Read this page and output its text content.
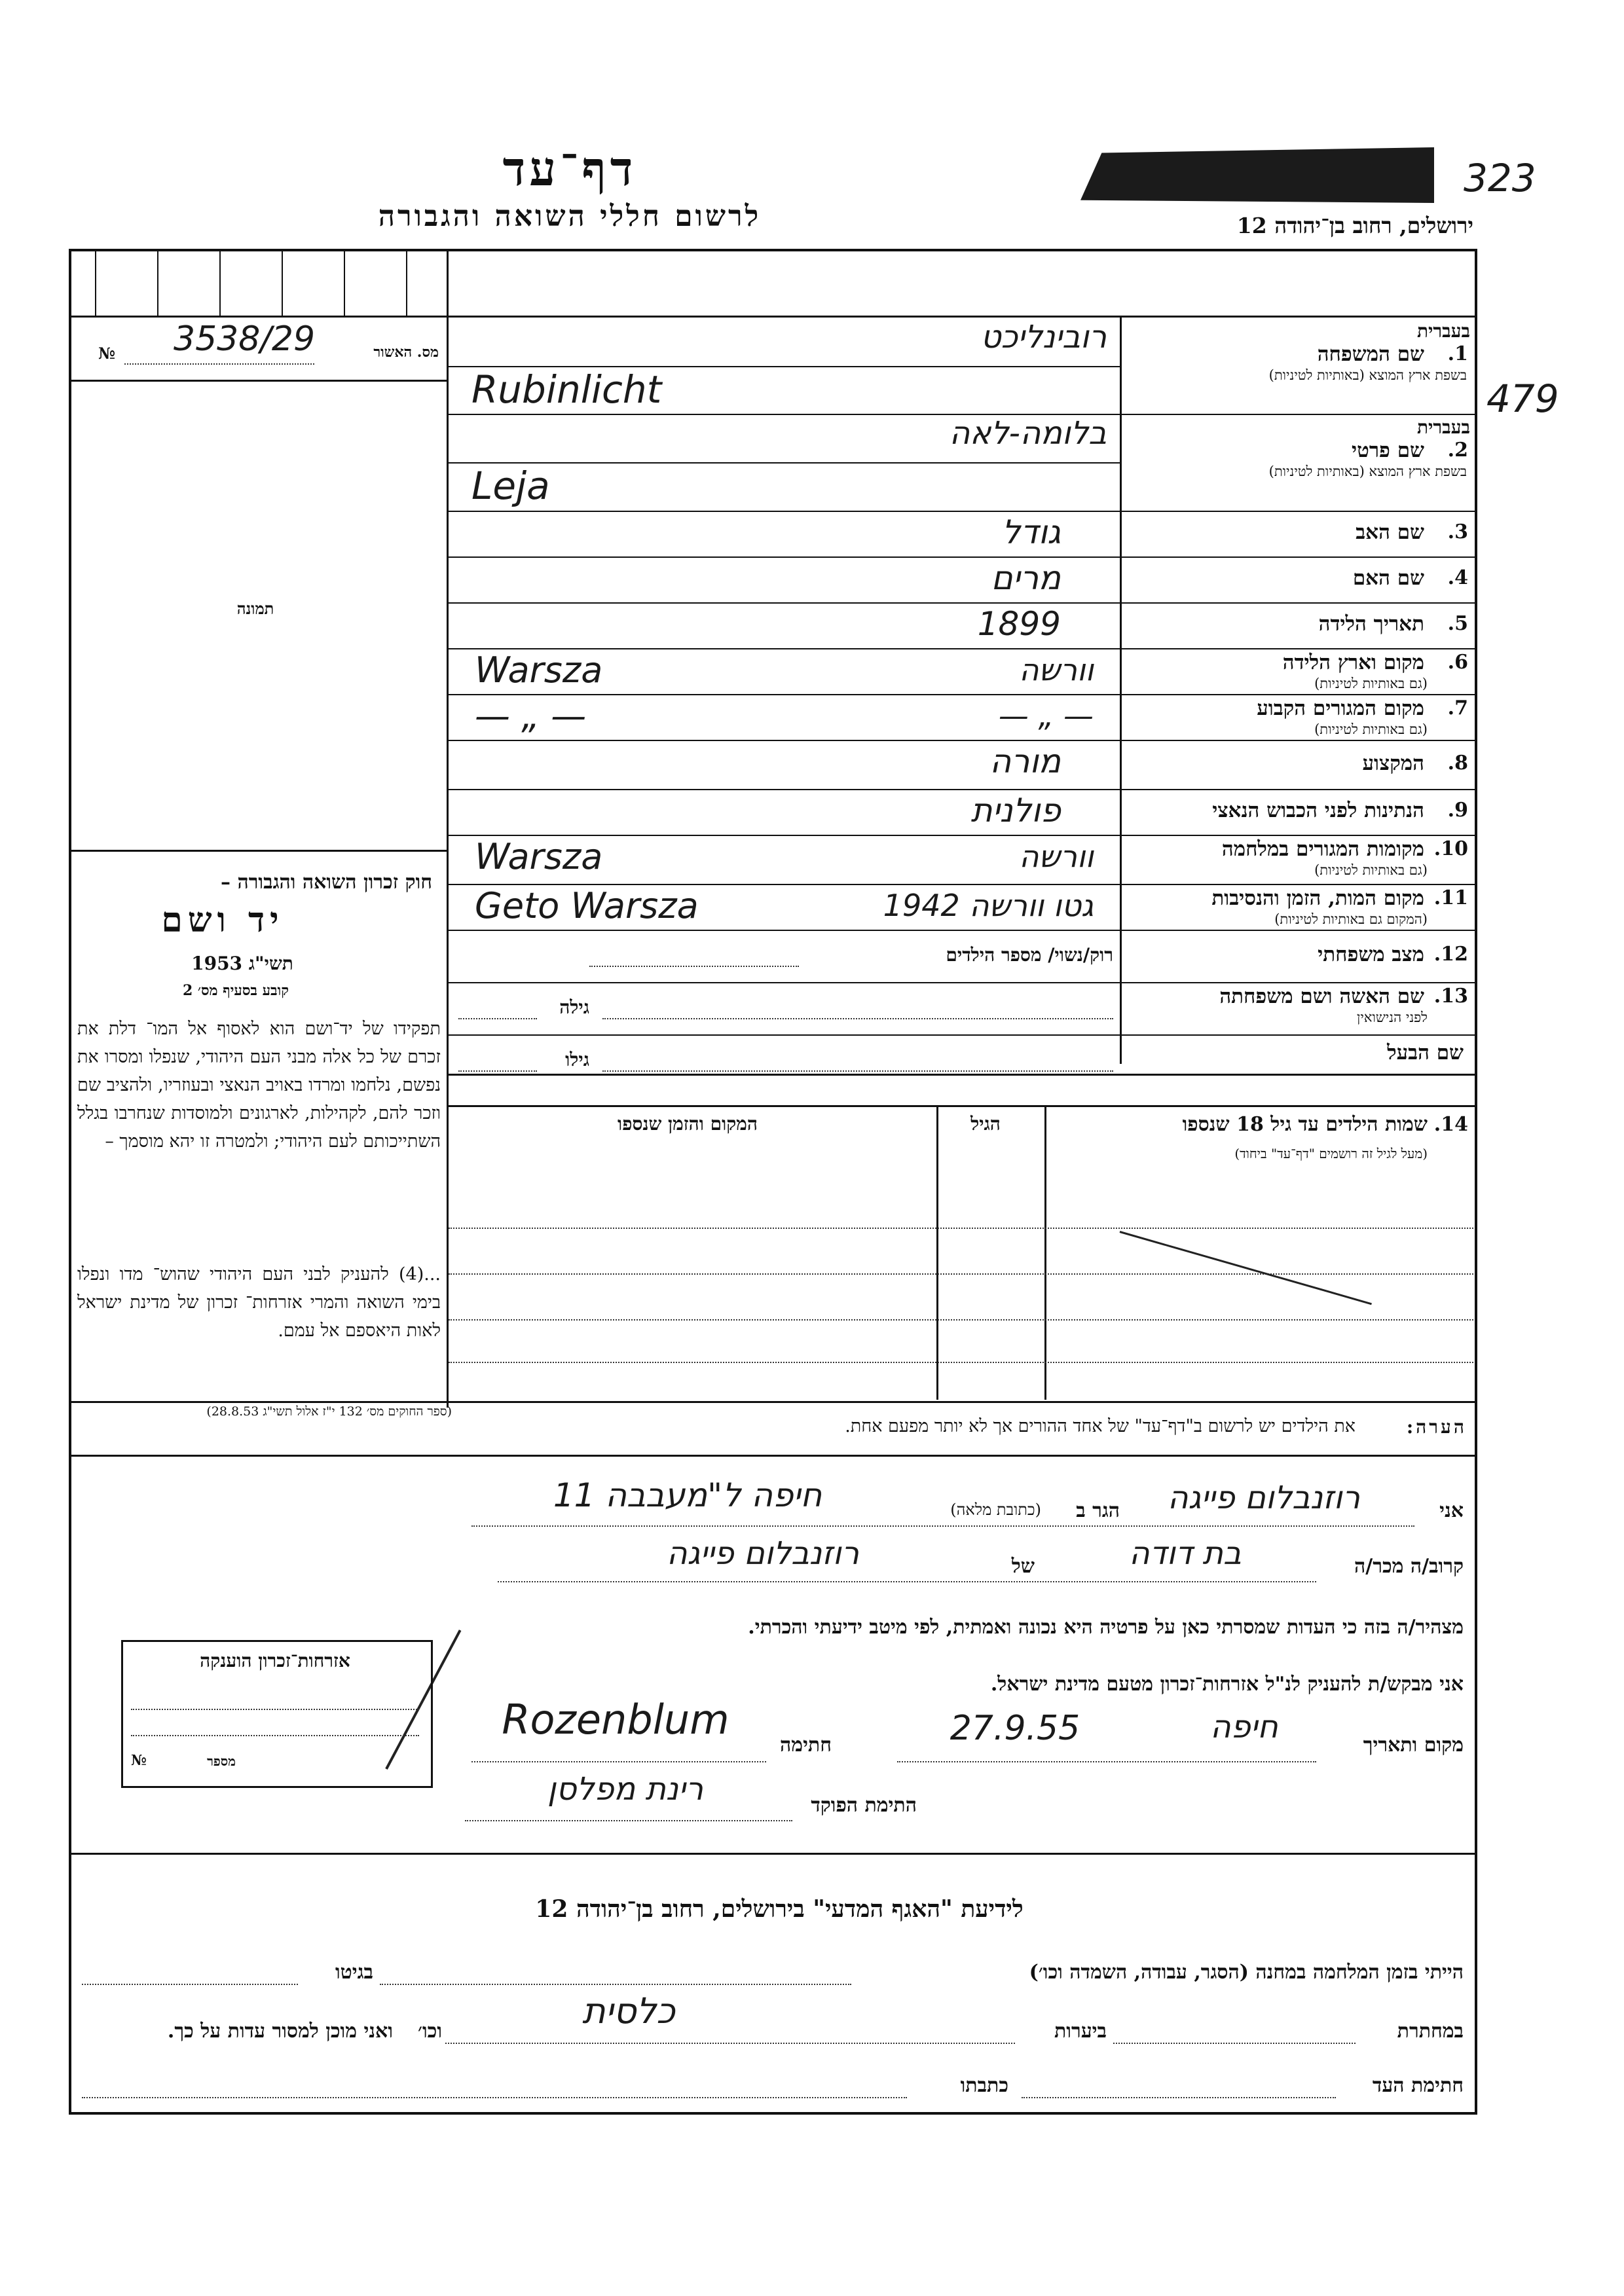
דף־עד
לרשום חללי השואה והגבורה	ירושלים, רחוב בן־יהודה 12
323
479
מס. האשור
3538/29
№
תמונה
חוק זכרון השואה והגבורה –
יד ושם
תשי"ג 1953
קובע בסעיף מס׳ 2
תפקידו של יד־ושם הוא לאסוף אל המו־ דלת את זכרם של כל אלה מבני העם היהודי, שנפלו ומסרו את נפשם, נלחמו ומרדו באויב הנאצי ובעוזריו, ולהציב שם וזכר להם, לקהילות, לארגונים ולמוסדות שנחרבו בגלל השתייכותם לעם היהודי; ולמטרה זו יהא מוסמך –
...(4) להעניק לבני העם היהודי שהוש־ מדו ונפלו בימי השואה והמרי אזרחות־ זכרון של מדינת ישראל לאות היאספם אל עמם.
(ספר החוקים מס׳ 132 י"ז אלול תשי"ג 28.8.53)
1.
שם המשפחה
בשפת ארץ המוצא (באותיות לטיניות)
בעברית
רובינליכט
Rubinlicht
2.
שם פרטי
בשפת ארץ המוצא (באותיות לטיניות)
בעברית
בלומה-לאה
Leja
3.
שם האב
גודל
4.
שם האם
מרים
5.
תאריך הלידה
1899
6.
מקום וארץ הלידה
(גם באותיות לטיניות)
וורשה
Warsza
7.
מקום המגורים הקבוע
(גם באותיות לטיניות)
— „ —
— „ —
8.
המקצוע
מורה
9.
הנתינות לפני הכבוש הנאצי
פולנית
10.
מקומות המגורים במלחמה
(גם באותיות לטיניות)
וורשה
Warsza
11.
מקום המות, הזמן והנסיבות
(המקום גם באותיות לטיניות)
גטו וורשה 1942
Geto Warsza
12.
מצב משפחתי
רוק/נשוי/ מספר הילדים
13.
שם האשה ושם משפחתה
לפני הנישואין
גילה
שם הבעל
גילו
14.
שמות הילדים עד גיל 18 שנספו
(מעל לגיל זה רושמים "דף־עד" ביחוד)
הגיל
המקום והזמן שנספו
הערה:
את הילדים יש לרשום ב"דף־עד" של אחד ההורים אך לא יותר מפעם אחת.
אני
רוזנבלום פייגה
הגר ב
(כתובת מלאה)
חיפה ל"מעבבה 11
קרוב/ה מכר/ה
בת דודה
של
רוזנבלום פייגה
מצהיר/ה בזה כי העדות שמסרתי כאן על פרטיה היא נכונה ואמתית, לפי מיטב ידיעתי והכרתי.
אני מבקש/ת להעניק לנ"ל אזרחות־זכרון מטעם מדינת ישראל.
מקום ותאריך
חיפה
27.9.55
חתימה
Rozenblum
התימת הפוקד
רינת מפלסן
אזרחות־זכרון הוענקה
מספר
№
לידיעת "האגף המדעי" בירושלים, רחוב בן־יהודה 12
הייתי בזמן המלחמה במחנה (הסגר, עבודה, השמדה וכו׳)
בגיטו
במחתרת
ביערות
כלסית
וכו׳
ואני מוכן למסור עדות על כך.
חתימת העד
כתבתו
